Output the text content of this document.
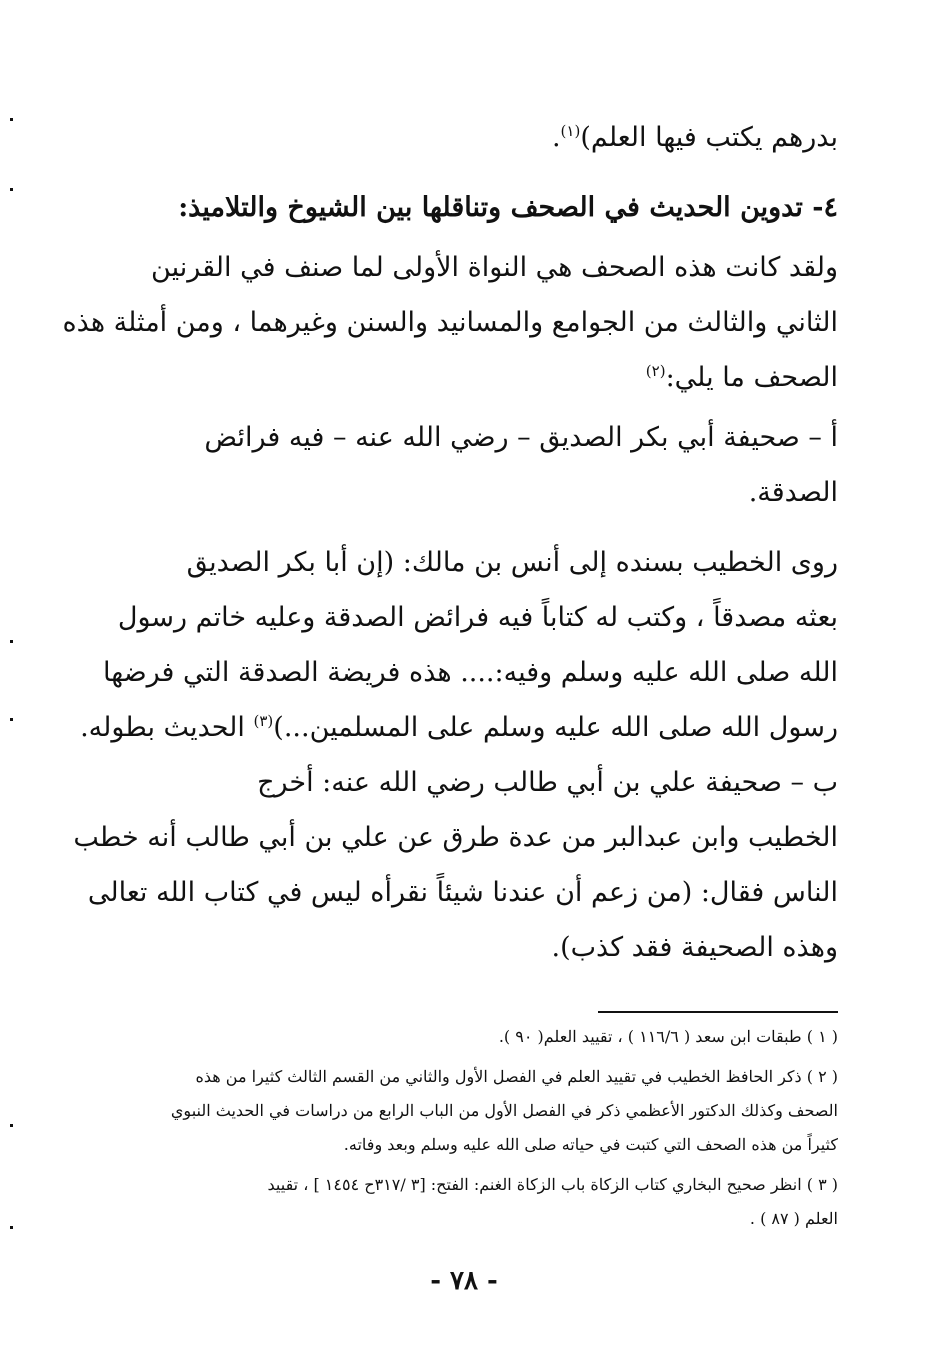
بدرهم يكتب فيها العلم)$^{(١)}$.
٤- تدوين الحديث في الصحف وتناقلها بين الشيوخ والتلاميذ:
ولقد كانت هذه الصحف هي النواة الأولى لما صنف في القرنين
الثاني والثالث من الجوامع والمسانيد والسنن وغيرهما ، ومن أمثلة هذه
الصحف ما يلي:$^{(٢)}$
أ – صحيفة أبي بكر الصديق – رضي الله عنه – فيه فرائض
الصدقة.
روى الخطيب بسنده إلى أنس بن مالك: (إن أبا بكر الصديق
بعثه مصدقاً ، وكتب له كتاباً فيه فرائض الصدقة وعليه خاتم رسول
الله صلى الله عليه وسلم وفيه:.... هذه فريضة الصدقة التي فرضها
رسول الله صلى الله عليه وسلم على المسلمين...)$^{(٣)}$ الحديث بطوله.
ب – صحيفة علي بن أبي طالب رضي الله عنه: أخرج
الخطيب وابن عبدالبر من عدة طرق عن علي بن أبي طالب أنه خطب
الناس فقال: (من زعم أن عندنا شيئاً نقرأه ليس في كتاب الله تعالى
وهذه الصحيفة فقد كذب).
( ١ ) طبقات ابن سعد ( ١١٦/٦ ) ، تقييد العلم( ٩٠ ).
( ٢ ) ذكر الحافظ الخطيب في تقييد العلم في الفصل الأول والثاني من القسم الثالث كثيرا من هذه
الصحف وكذلك الدكتور الأعظمي ذكر في الفصل الأول من الباب الرابع من دراسات في الحديث النبوي
كثيراً من هذه الصحف التي كتبت في حياته صلى الله عليه وسلم وبعد وفاته.
( ٣ ) انظر صحيح البخاري كتاب الزكاة باب الزكاة الغنم: الفتح: [٣ /٣١٧ح ١٤٥٤ ] ، تقييد
العلم ( ٨٧ ) .
- ٧٨ -
